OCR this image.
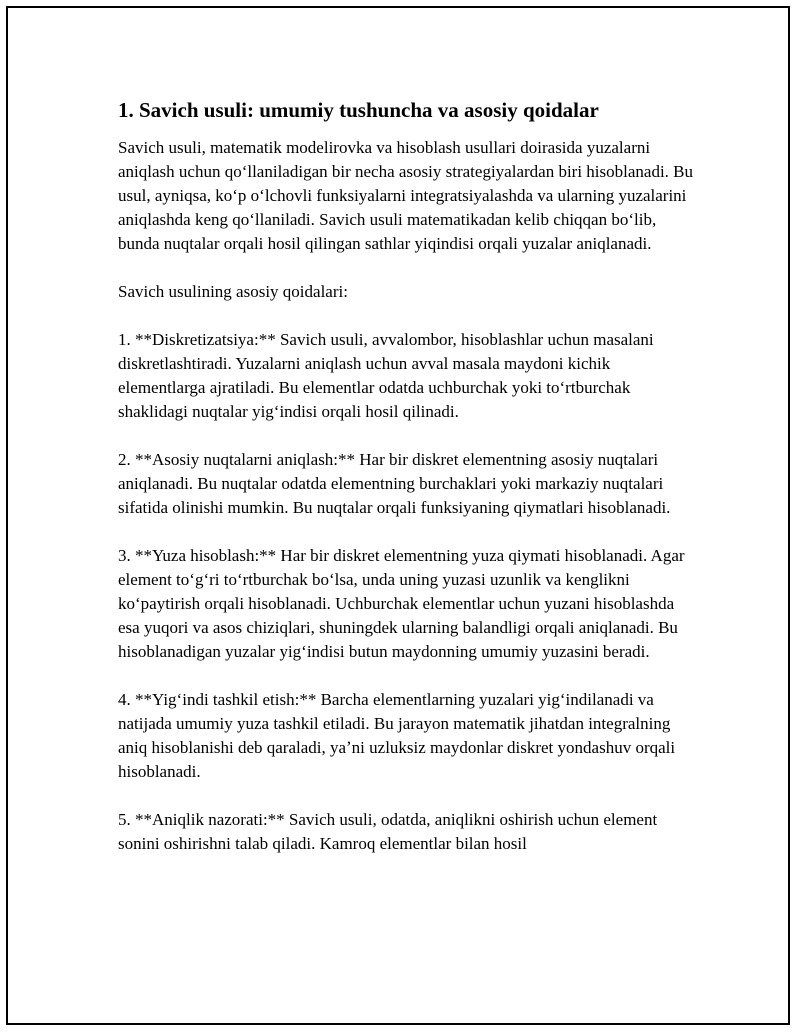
1. Savich usuli: umumiy tushuncha va asosiy qoidalar

Savich usuli, matematik modelirovka va hisoblash usullari doirasida yuzalarni aniqlash uchun qoʻllaniladigan bir necha asosiy strategiyalardan biri hisoblanadi. Bu usul, ayniqsa, koʻp oʻlchovli funksiyalarni integratsiyalashda va ularning yuzalarini aniqlashda keng qoʻllaniladi. Savich usuli matematikadan kelib chiqqan boʻlib, bunda nuqtalar orqali hosil qilingan sathlar yiqindisi orqali yuzalar aniqlanadi.

Savich usulining asosiy qoidalari:

1. **Diskretizatsiya:** Savich usuli, avvalombor, hisoblashlar uchun masalani diskretlashtiradi. Yuzalarni aniqlash uchun avval masala maydoni kichik elementlarga ajratiladi. Bu elementlar odatda uchburchak yoki toʻrtburchak shaklidagi nuqtalar yigʻindisi orqali hosil qilinadi.

2. **Asosiy nuqtalarni aniqlash:** Har bir diskret elementning asosiy nuqtalari aniqlanadi. Bu nuqtalar odatda elementning burchaklari yoki markaziy nuqtalari sifatida olinishi mumkin. Bu nuqtalar orqali funksiyaning qiymatlari hisoblanadi.

3. **Yuza hisoblash:** Har bir diskret elementning yuza qiymati hisoblanadi. Agar element toʻgʻri toʻrtburchak boʻlsa, unda uning yuzasi uzunlik va kenglikni koʻpaytirish orqali hisoblanadi. Uchburchak elementlar uchun yuzani hisoblashda esa yuqori va asos chiziqlari, shuningdek ularning balandligi orqali aniqlanadi. Bu hisoblanadigan yuzalar yigʻindisi butun maydonning umumiy yuzasini beradi.

4. **Yigʻindi tashkil etish:** Barcha elementlarning yuzalari yigʻindilanadi va natijada umumiy yuza tashkil etiladi. Bu jarayon matematik jihatdan integralning aniq hisoblanishi deb qaraladi, yaʼni uzluksiz maydonlar diskret yondashuv orqali hisoblanadi.

5. **Aniqlik nazorati:** Savich usuli, odatda, aniqlikni oshirish uchun element sonini oshirishni talab qiladi. Kamroq elementlar bilan hosil
